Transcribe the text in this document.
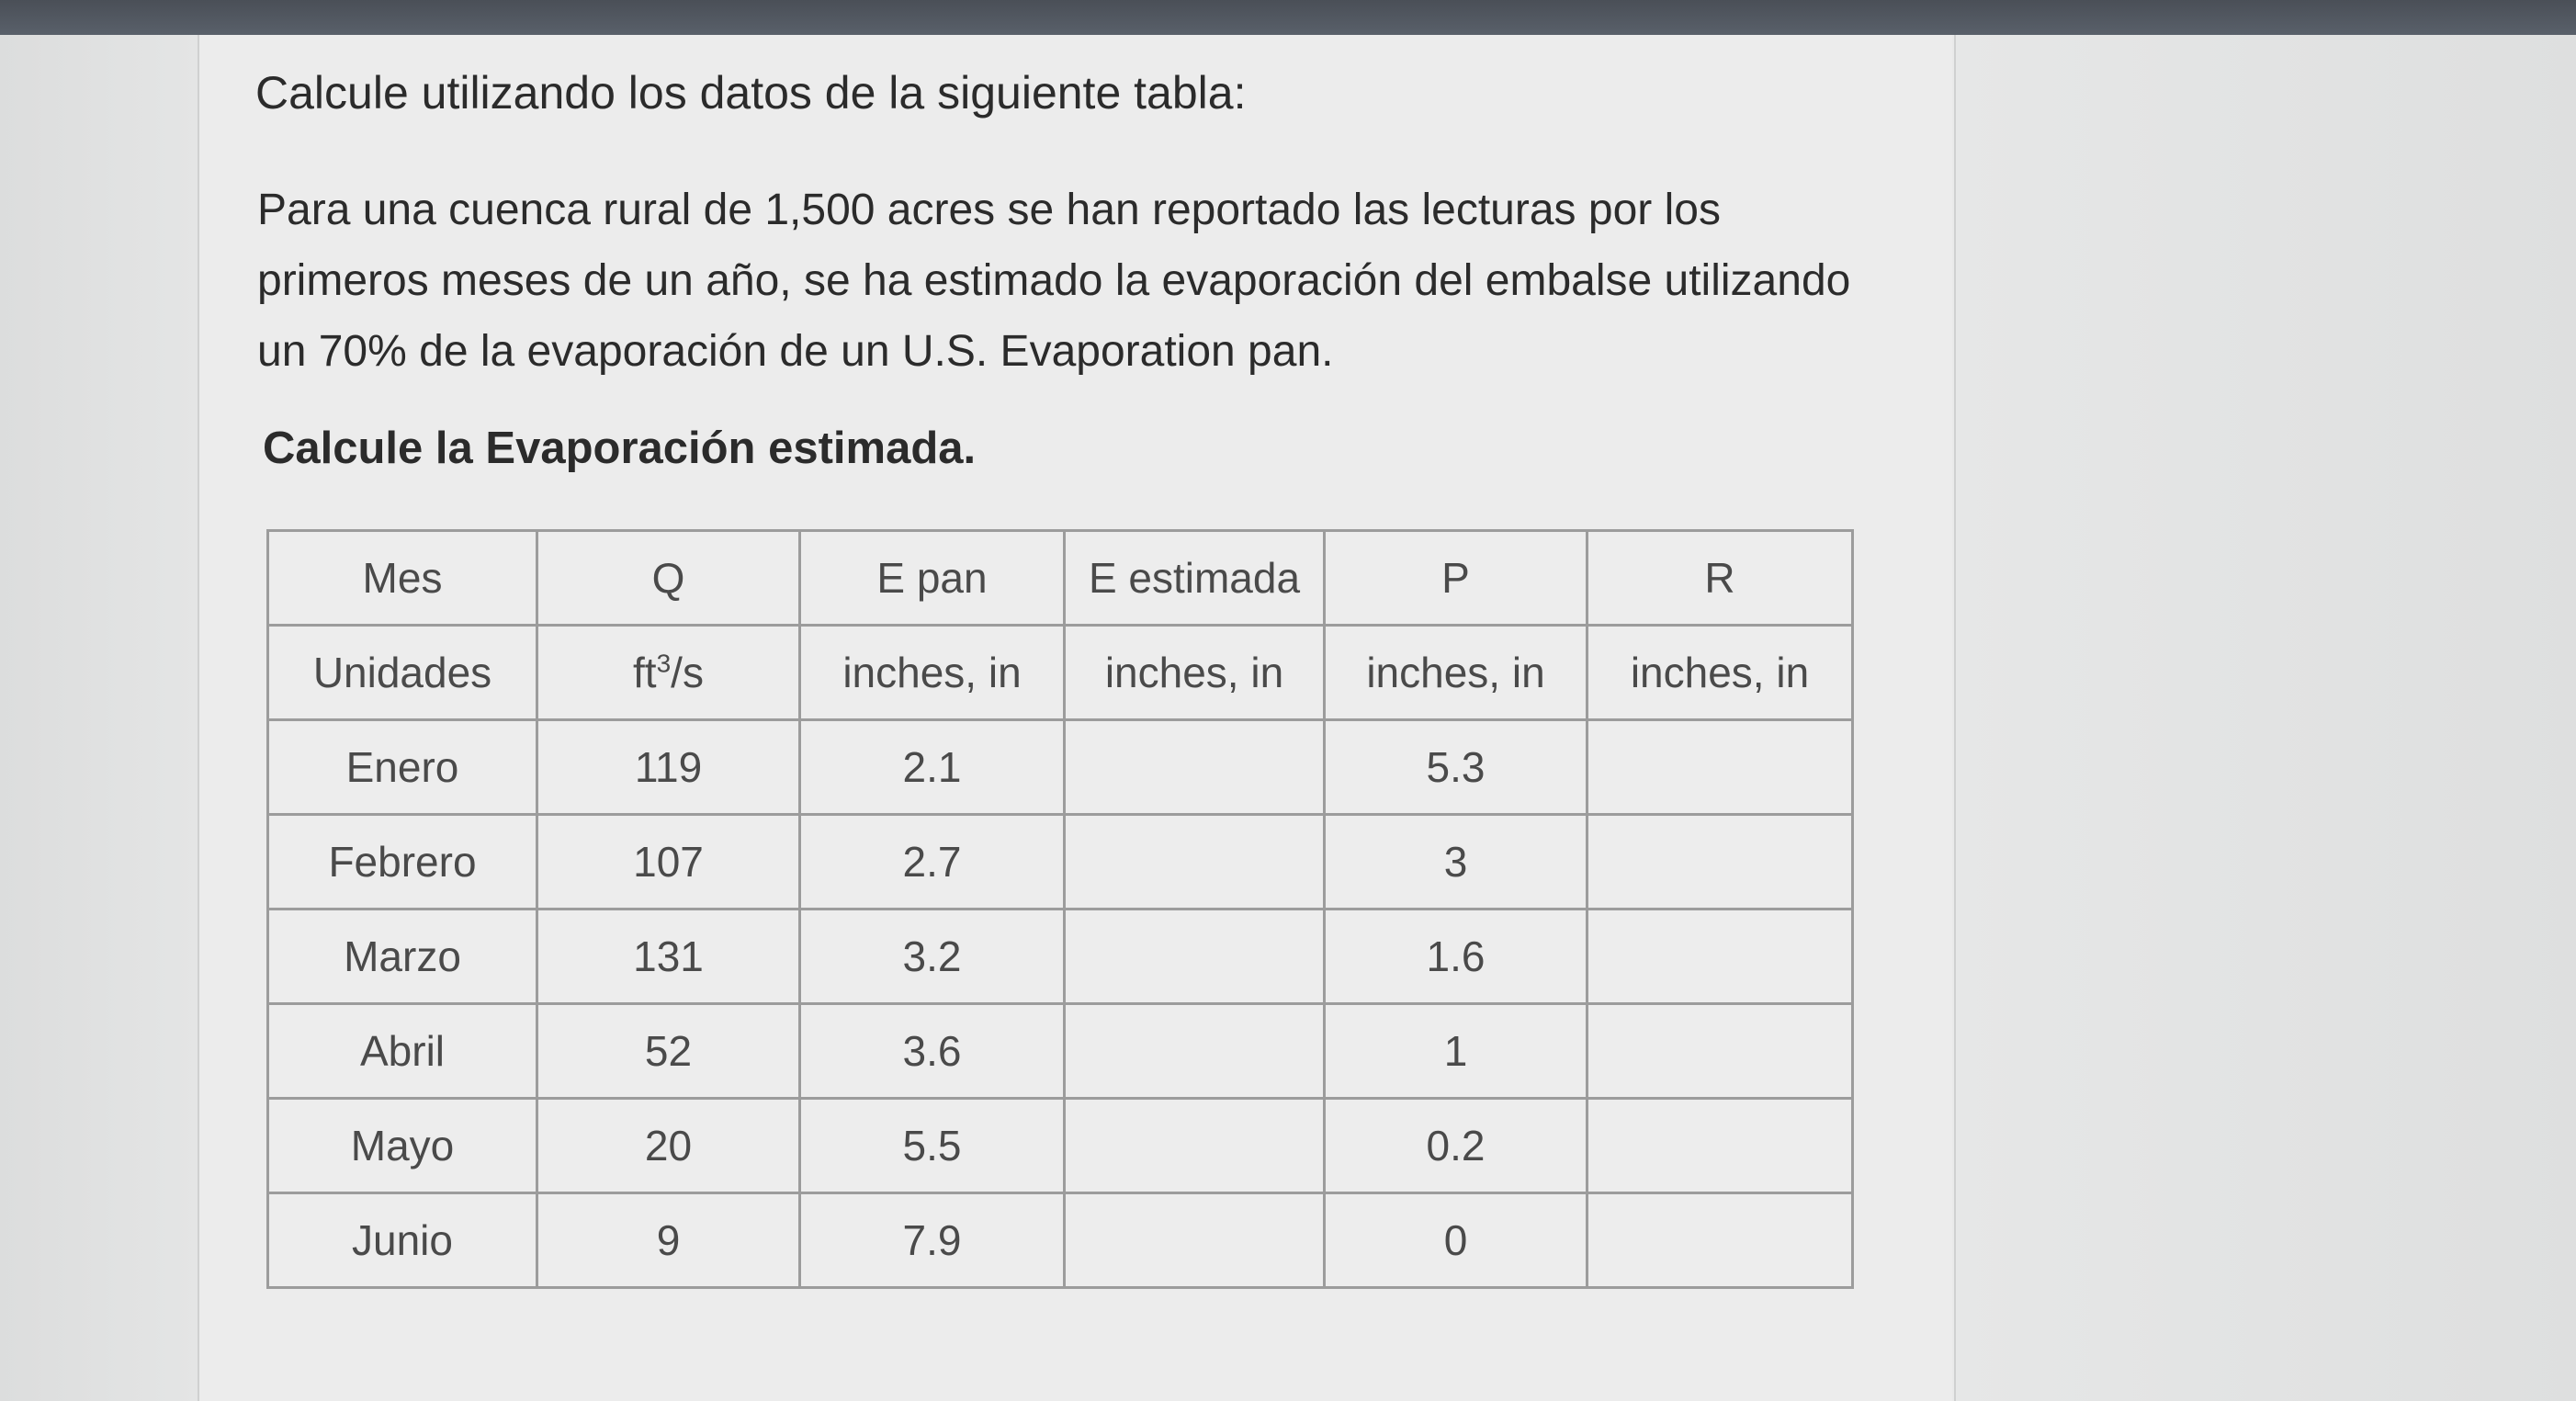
Calcule utilizando los datos de la siguiente tabla:

Para una cuenca rural de 1,500 acres se han reportado las lecturas por los primeros meses de un año, se ha estimado la evaporación del embalse utilizando un 70% de la evaporación de un U.S. Evaporation pan.

Calcule la Evaporación estimada.

Mes	Q	E pan	E estimada	P	R
Unidades	$ft^3/s$	inches, in	inches, in	inches, in	inches, in
Enero	119	2.1		5.3	
Febrero	107	2.7		3	
Marzo	131	3.2		1.6	
Abril	52	3.6		1	
Mayo	20	5.5		0.2	
Junio	9	7.9		0	
